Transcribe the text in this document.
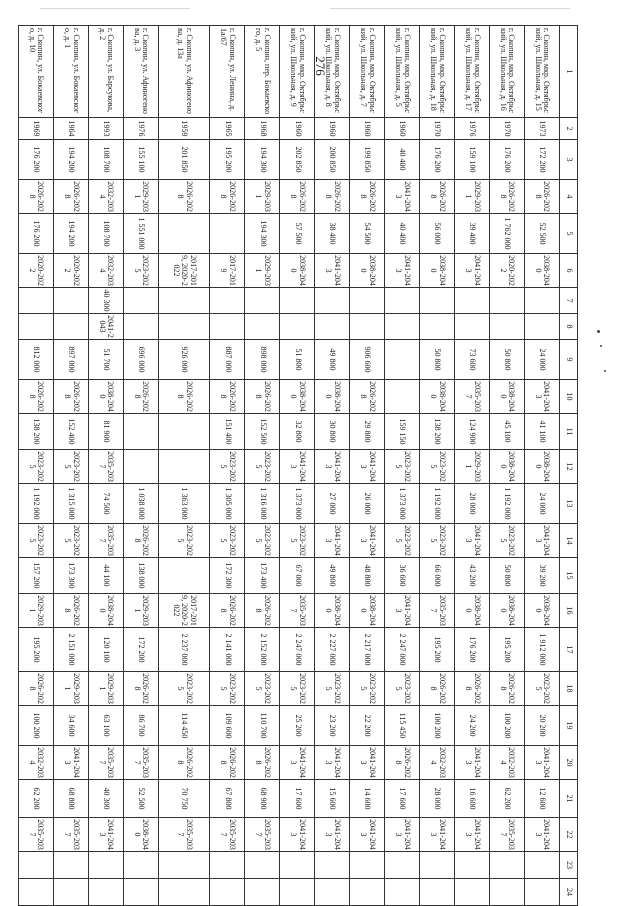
276	1	2	3	4	5	6	7	8	9	10	11	12	13	14	15	16	17	18	19	20	21	22	23	24
г. Скопин, мкр. Октябрьский, ул. Школьная, д. 15	1973	172 200	2026-2028	52 500	2038-2040			24 000	2041-2043	41 100	2038-2040	24 000	2041-2043	39 200	2038-2040	1 912 000	2023-2025	20 200	2041-2043	12 600	2041-2043		
г. Скопин, мкр. Октябрьский, ул. Школьная, д. 16	1970	176 200	2026-2028	1 762 000	2020-2022			50 800	2038-2040	45 100	2038-2040	1 192 000	2023-2025	50 800	2038-2040	195 200	2026-2028	100 200	2032-2034	62 200	2035-2037		
г. Скопин, мкр. Октябрьский, ул. Школьная, д. 17	1976	159 100	2029-2031	39 400	2041-2043			73 600	2035-2037	124 900	2029-2031	28 000	2041-2043	43 200	2038-2040	176 200	2026-2028	24 200	2041-2043	16 600	2041-2043		
г. Скопин, мкр. Октябрьский, ул. Школьная, д. 18	1970	176 200	2026-2028	56 000	2038-2040			50 800	2038-2040	138 200	2023-2025	1 192 000	2023-2025	66 000	2035-2037	195 200	2026-2028	100 200	2032-2034	28 000	2041-2043		
г. Скопин, мкр. Октябрьский, ул. Школьная, д. 5	1960	40 400	2041-2043	40 400	2041-2043					159 150	2023-2025	1 373 000	2023-2025	36 600	2041-2043	2 247 000	2023-2025	115 450	2026-2028	17 600	2041-2043		
г. Скопин, мкр. Октябрьский, ул. Школьная, д. 7	1960	199 850	2026-2028	54 500	2038-2040			906 600	2026-2028	29 800	2041-2043	26 000	2041-2043	48 800	2038-2040	2 217 000	2023-2025	22 200	2041-2043	14 600	2041-2043		
г. Скопин, мкр. Октябрьский, ул. Школьная, д. 8	1960	200 850	2026-2028	38 400	2041-2043			49 800	2038-2040	30 800	2041-2043	27 000	2041-2043	49 800	2038-2040	2 227 000	2023-2025	23 200	2041-2043	15 600	2041-2043		
г. Скопин, мкр. Октябрьский, ул. Школьная, д. 9	1960	202 850	2026-2028	57 500	2038-2040			51 800	2038-2040	32 800	2041-2043	1 373 000	2023-2025	67 000	2035-2037	2 247 000	2023-2025	25 200	2041-2043	17 600	2041-2043		
г. Скопин, пер. Бокаевского, д. 5	1968	194 300	2029-2031	194 300	2029-2031			898 000	2026-2028	152 500	2023-2025	1 316 000	2023-2025	173 400	2026-2028	2 152 000	2023-2025	110 700	2026-2028	68 900	2035-2037		
г. Скопин, ул. Ленина, д. 1а/67	1965	195 200	2026-2028		2017-2019			887 000	2026-2028	151 400	2023-2025	1 305 000	2023-2025	172 300	2026-2028	2 141 000	2023-2025	109 600	2026-2028	67 800	2035-2037		
г. Скопин, ул. Афиногенова, д. 13а	1959	201 850	2026-2028		2017-2019, 2020-2022			926 000	2026-2028			1 363 000	2023-2025		2017-2019, 2020-2022	2 237 000	2023-2025	114 450	2026-2028	70 750	2035-2037		
г. Скопин, ул. Афиногенова, д. 3	1976	155 100	2029-2031	1 551 000	2023-2025			696 000	2026-2028			1 038 000	2026-2028	138 000	2029-2031	172 200	2026-2028	86 700	2035-2037	52 500	2038-2040		
г. Скопин, ул. Барсукова, д. 2	1993	108 700	2032-2034	108 700	2032-2034	40 300	2041-2043	51 700	2038-2040	81 900	2035-2037	74 500	2035-2037	44 100	2038-2040	120 100	2029-2031	63 100	2035-2037	40 300	2041-2043		
г. Скопин, ул. Бокаевского, д. 1	1964	194 200	2026-2028	194 200	2020-2022			897 000	2026-2028	152 400	2023-2025	1 315 000	2023-2025	173 300	2026-2028	2 151 000	2029-2031	34 600	2041-2043	68 800	2035-2037		
г. Скопин, ул. Бокаевского, д. 10	1969	176 200	2026-2028	176 200	2020-2022			812 000	2026-2028	138 200	2023-2025	1 192 000	2023-2025	157 200	2029-2031	195 200	2026-2028	100 200	2032-2034	62 200	2035-2037		
